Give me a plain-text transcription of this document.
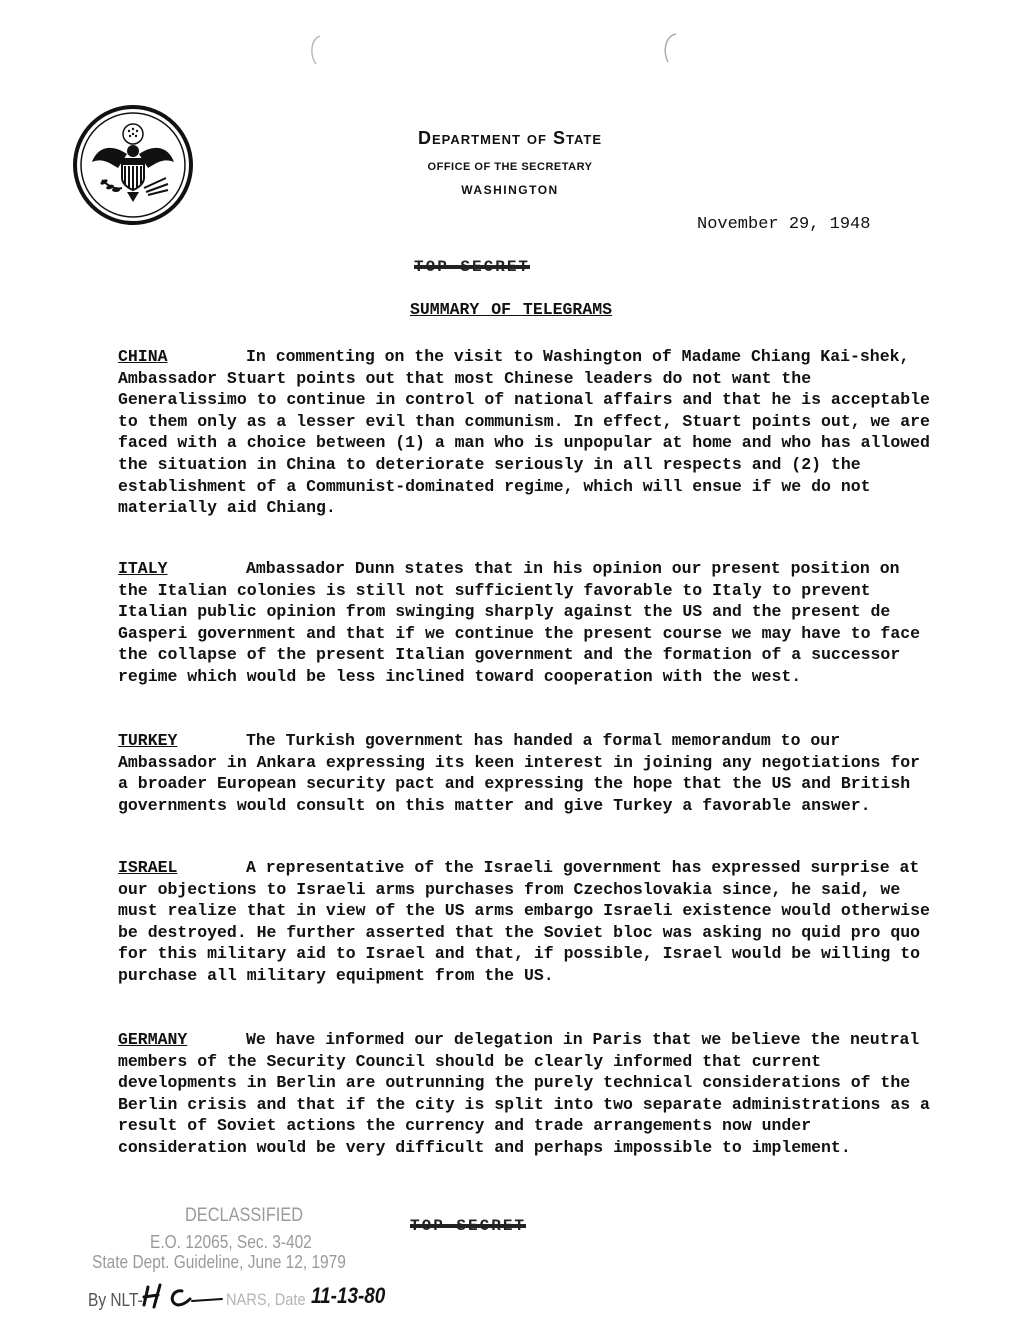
Department of State
OFFICE OF THE SECRETARY
WASHINGTON
November 29, 1948
TOP SECRET
SUMMARY OF TELEGRAMS
CHINA	In commenting on the visit to Washington of Madame Chiang Kai-shek, Ambassador Stuart points out that most Chinese leaders do not want the Generalissimo to continue in control of national affairs and that he is acceptable to them only as a lesser evil than communism. In effect, Stuart points out, we are faced with a choice between (1) a man who is unpopular at home and who has allowed the situation in China to deteriorate seriously in all respects and (2) the establishment of a Communist-dominated regime, which will ensue if we do not materially aid Chiang.

ITALY	Ambassador Dunn states that in his opinion our present position on the Italian colonies is still not sufficiently favorable to Italy to prevent Italian public opinion from swinging sharply against the US and the present de Gasperi government and that if we continue the present course we may have to face the collapse of the present Italian government and the formation of a successor regime which would be less inclined toward cooperation with the west.

TURKEY	The Turkish government has handed a formal memorandum to our Ambassador in Ankara expressing its keen interest in joining any negotiations for a broader European security pact and expressing the hope that the US and British governments would consult on this matter and give Turkey a favorable answer.

ISRAEL	A representative of the Israeli government has expressed surprise at our objections to Israeli arms purchases from Czechoslovakia since, he said, we must realize that in view of the US arms embargo Israeli existence would otherwise be destroyed. He further asserted that the Soviet bloc was asking no quid pro quo for this military aid to Israel and that, if possible, Israel would be willing to purchase all military equipment from the US.

GERMANY	We have informed our delegation in Paris that we believe the neutral members of the Security Council should be clearly informed that current developments in Berlin are outrunning the purely technical considerations of the Berlin crisis and that if the city is split into two separate administrations as a result of Soviet actions the currency and trade arrangements now under consideration would be very difficult and perhaps impossible to implement.

TOP SECRET
DECLASSIFIED
E.O. 12065, Sec. 3-402
State Dept. Guideline, June 12, 1979
By NLT-	NARS, Date 11-13-80
